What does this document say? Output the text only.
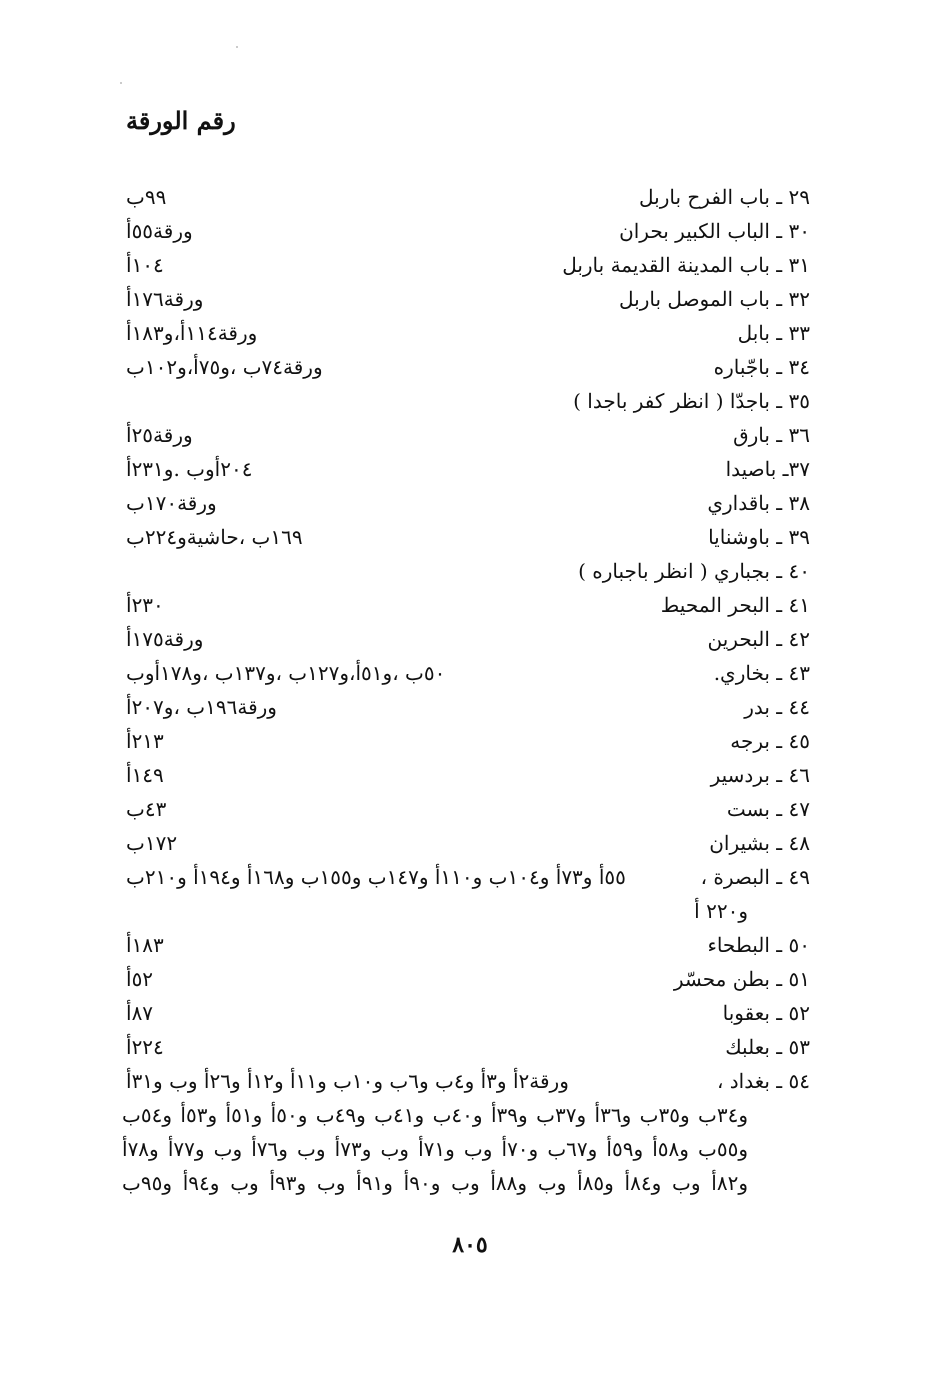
رقم الورقة
٢٩ ـ باب الفرح باربل
٩٩ب
٣٠ ـ الباب الكبير بحران
ورقة٥٥أ
٣١ ـ باب المدينة القديمة باربل
١٠٤أ
٣٢ ـ باب الموصل باربل
ورقة١٧٦أ
٣٣ ـ بابل
ورقة١١٤أ،و١٨٣أ
٣٤ ـ باجّباره
ورقة٧٤ب ،و٧٥أ،و١٠٢ب
٣٥ ـ باجدّا ( انظر كفر باجدا )
٣٦ ـ بارق
ورقة٢٥أ
٣٧ـ باصيدا
٢٠٤أوب .و٢٣١أ
٣٨ ـ باقداري
ورقة١٧٠ب
٣٩ ـ باوشنايا
١٦٩ب ،حاشيةو٢٢٤ب
٤٠ ـ بجباري ( انظر باجباره )
٤١ ـ البحر المحيط
٢٣٠أ
٤٢ ـ البحرين
ورقة١٧٥أ
٤٣ ـ بخاري.
٥٠ب ،و٥١أ،و١٢٧ب ،و١٣٧ب ،و١٧٨أوب
٤٤ ـ بدر
ورقة١٩٦ب ،و٢٠٧أ
٤٥ ـ برجه
٢١٣أ
٤٦ ـ بردسير
١٤٩أ
٤٧ ـ بست
٤٣ب
٤٨ ـ بشيران
١٧٢ب
٤٩ ـ البصرة ،
٥٥أ و٧٣أ و١٠٤ب و١١٠أ و١٤٧ب و١٥٥ب و١٦٨أ و١٩٤أ و٢١٠ب
و٢٢٠ أ
٥٠ ـ البطحاء
١٨٣أ
٥١ ـ بطن محسّر
٥٢أ
٥٢ ـ بعقوبا
٨٧أ
٥٣ ـ بعلبك
٢٢٤أ
٥٤ ـ بغداد ،
ورقة٢أ و٣أ و٤ب و٦ب و١٠ب و١١أ و١٢أ و٢٦أ وب و٣١أ
و٣٤ب و٣٥ب و٣٦أ و٣٧ب و٣٩أ و٤٠ب و٤١ب و٤٩ب و٥٠أ و٥١أ و٥٣أ و٥٤ب
و٥٥ب و٥٨أ و٥٩أ و٦٧ب و٧٠أ وب و٧١أ وب و٧٣أ وب و٧٦أ وب و٧٧أ و٧٨أ
و٨٢أ وب و٨٤أ و٨٥أ وب و٨٨أ وب و٩٠أ و٩١أ وب و٩٣أ وب و٩٤أ و٩٥ب
٨٠٥
